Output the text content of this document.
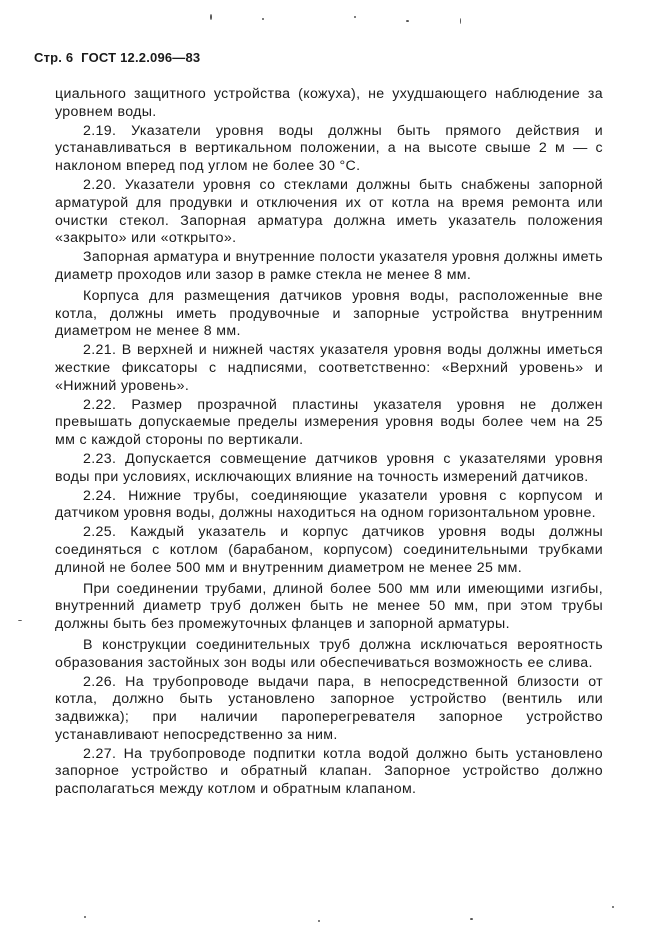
Стр. 6 ГОСТ 12.2.096—83

циального защитного устройства (кожуха), не ухудшающего наблюдение за уровнем воды.

2.19. Указатели уровня воды должны быть прямого действия и устанавливаться в вертикальном положении, а на высоте свыше 2 м — с наклоном вперед под углом не более 30 °С.

2.20. Указатели уровня со стеклами должны быть снабжены запорной арматурой для продувки и отключения их от котла на время ремонта или очистки стекол. Запорная арматура должна иметь указатель положения «закрыто» или «открыто».

Запорная арматура и внутренние полости указателя уровня должны иметь диаметр проходов или зазор в рамке стекла не менее 8 мм.

Корпуса для размещения датчиков уровня воды, расположенные вне котла, должны иметь продувочные и запорные устройства внутренним диаметром не менее 8 мм.

2.21. В верхней и нижней частях указателя уровня воды должны иметься жесткие фиксаторы с надписями, соответственно: «Верхний уровень» и «Нижний уровень».

2.22. Размер прозрачной пластины указателя уровня не должен превышать допускаемые пределы измерения уровня воды более чем на 25 мм с каждой стороны по вертикали.

2.23. Допускается совмещение датчиков уровня с указателями уровня воды при условиях, исключающих влияние на точность измерений датчиков.

2.24. Нижние трубы, соединяющие указатели уровня с корпусом и датчиком уровня воды, должны находиться на одном горизонтальном уровне.

2.25. Каждый указатель и корпус датчиков уровня воды должны соединяться с котлом (барабаном, корпусом) соединительными трубками длиной не более 500 мм и внутренним диаметром не менее 25 мм.

При соединении трубами, длиной более 500 мм или имеющими изгибы, внутренний диаметр труб должен быть не менее 50 мм, при этом трубы должны быть без промежуточных фланцев и запорной арматуры.

В конструкции соединительных труб должна исключаться вероятность образования застойных зон воды или обеспечиваться возможность ее слива.

2.26. На трубопроводе выдачи пара, в непосредственной близости от котла, должно быть установлено запорное устройство (вентиль или задвижка); при наличии пароперегревателя запорное устройство устанавливают непосредственно за ним.

2.27. На трубопроводе подпитки котла водой должно быть установлено запорное устройство и обратный клапан. Запорное устройство должно располагаться между котлом и обратным клапаном.
